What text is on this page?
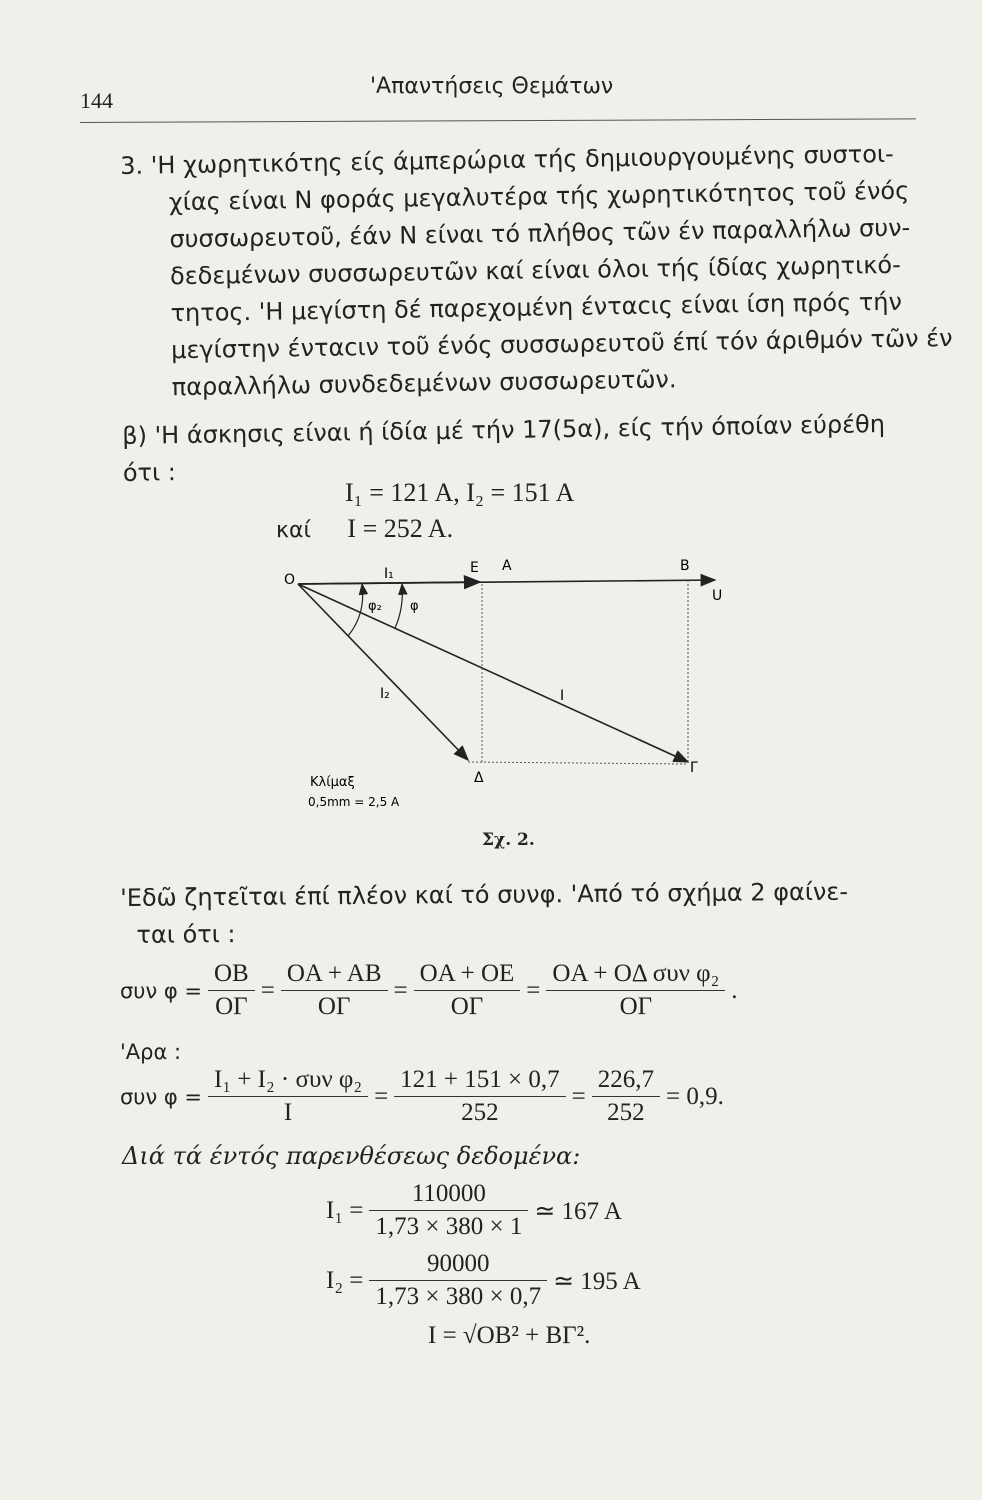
144
'Απαντήσεις Θεμάτων
3. 'Η χωρητικότης είς άμπερώρια τής δημιουργουμένης συστοι-
χίας είναι N φοράς μεγαλυτέρα τής χωρητικότητος τοῦ ένός
συσσωρευτοῦ, έάν N είναι τό πλήθος τῶν έν παραλλήλω συν-
δεδεμένων συσσωρευτῶν καί είναι όλοι τής ίδίας χωρητικό-
τητος. 'Η μεγίστη δέ παρεχομένη ένταcις είναι ίση πρός τήν
μεγίστην ένταcιν τοῦ ένός συσσωρευτοῦ έπί τόν άριθμόν τῶν έν
παραλλήλω συνδεδεμένων συσσωρευτῶν.
β) 'Η άσκησις είναι ή ίδία μέ τήν 17(5α), είς τήν όποίαν εύρέθη
ότι :
I₁ = 121 A, I₂ = 151 A
καί I = 252 A.
O	I₁	E A	B
U
φ₂ φ
I₂	I
Γ
Δ
Κλίμαξ
0,5mm = 2,5 A
Σχ. 2.
'Εδῶ ζητεῖται έπί πλέον καί τό συνφ. 'Από τό σχήμα 2 φαίνε-
ται ότι :
συν $\varphi = \frac{OB}{O\Gamma} = \frac{OA + AB}{O\Gamma} = \frac{OA + OE}{O\Gamma} = \frac{\text{OA + OΔ συν φ₂}}{O\Gamma}$ .
'Αρα :
συν $\varphi = \frac{\text{I₁ + I₂ · συν φ₂}}{I} = \frac{121 + 151 \times 0,7}{252} = \frac{226,7}{252} = 0,9$.
Διά τά έντός παρενθέσεως δεδομένα:
$I_1 = \frac{110000}{1,73 \times 380 \times 1}$ ≃ 167 A
$I_2 = \frac{90000}{1,73 \times 380 \times 0,7}$ ≃ 195 A
I = √OB² + BΓ².
